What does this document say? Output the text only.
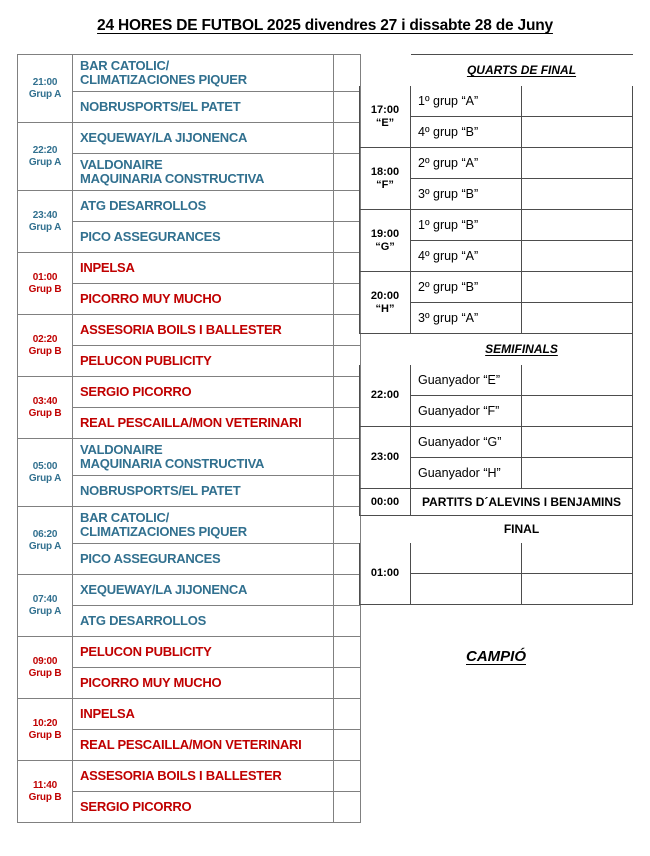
24 HORES DE FUTBOL 2025 divendres 27 i dissabte 28 de Juny
21:00
Grup A	BAR CATOLIC/
CLIMATIZACIONES PIQUER	
	NOBRUSPORTS/EL PATET	
22:20
Grup A	XEQUEWAY/LA JIJONENCA	
	VALDONAIRE
MAQUINARIA CONSTRUCTIVA	
23:40
Grup A	ATG DESARROLLOS	
	PICO ASSEGURANCES	
01:00
Grup B	INPELSA	
	PICORRO MUY MUCHO	
02:20
Grup B	ASSESORIA BOILS I BALLESTER	
	PELUCON PUBLICITY	
03:40
Grup B	SERGIO PICORRO	
	REAL PESCAILLA/MON VETERINARI	
05:00
Grup A	VALDONAIRE
MAQUINARIA CONSTRUCTIVA	
	NOBRUSPORTS/EL PATET	
06:20
Grup A	BAR CATOLIC/
CLIMATIZACIONES PIQUER	
	PICO ASSEGURANCES	
07:40
Grup A	XEQUEWAY/LA JIJONENCA	
	ATG DESARROLLOS	
09:00
Grup B	PELUCON PUBLICITY	
	PICORRO MUY MUCHO	
10:20
Grup B	INPELSA	
	REAL PESCAILLA/MON VETERINARI	
11:40
Grup B	ASSESORIA BOILS I BALLESTER	
	SERGIO PICORRO	
	QUARTS DE FINAL	
17:00
“E”	1º grup “A”	
	4º grup “B”	
18:00
“F”	2º grup “A”	
	3º grup “B”	
19:00
“G”	1º grup “B”	
	4º grup “A”	
20:00
“H”	2º grup “B”	
	3º grup “A”	
	SEMIFINALS	
22:00	Guanyador “E”	
	Guanyador “F”	
23:00	Guanyador “G”	
	Guanyador “H”	
00:00	PARTITS D´ALEVINS I BENJAMINS	
	FINAL	
01:00		

CAMPIÓ
